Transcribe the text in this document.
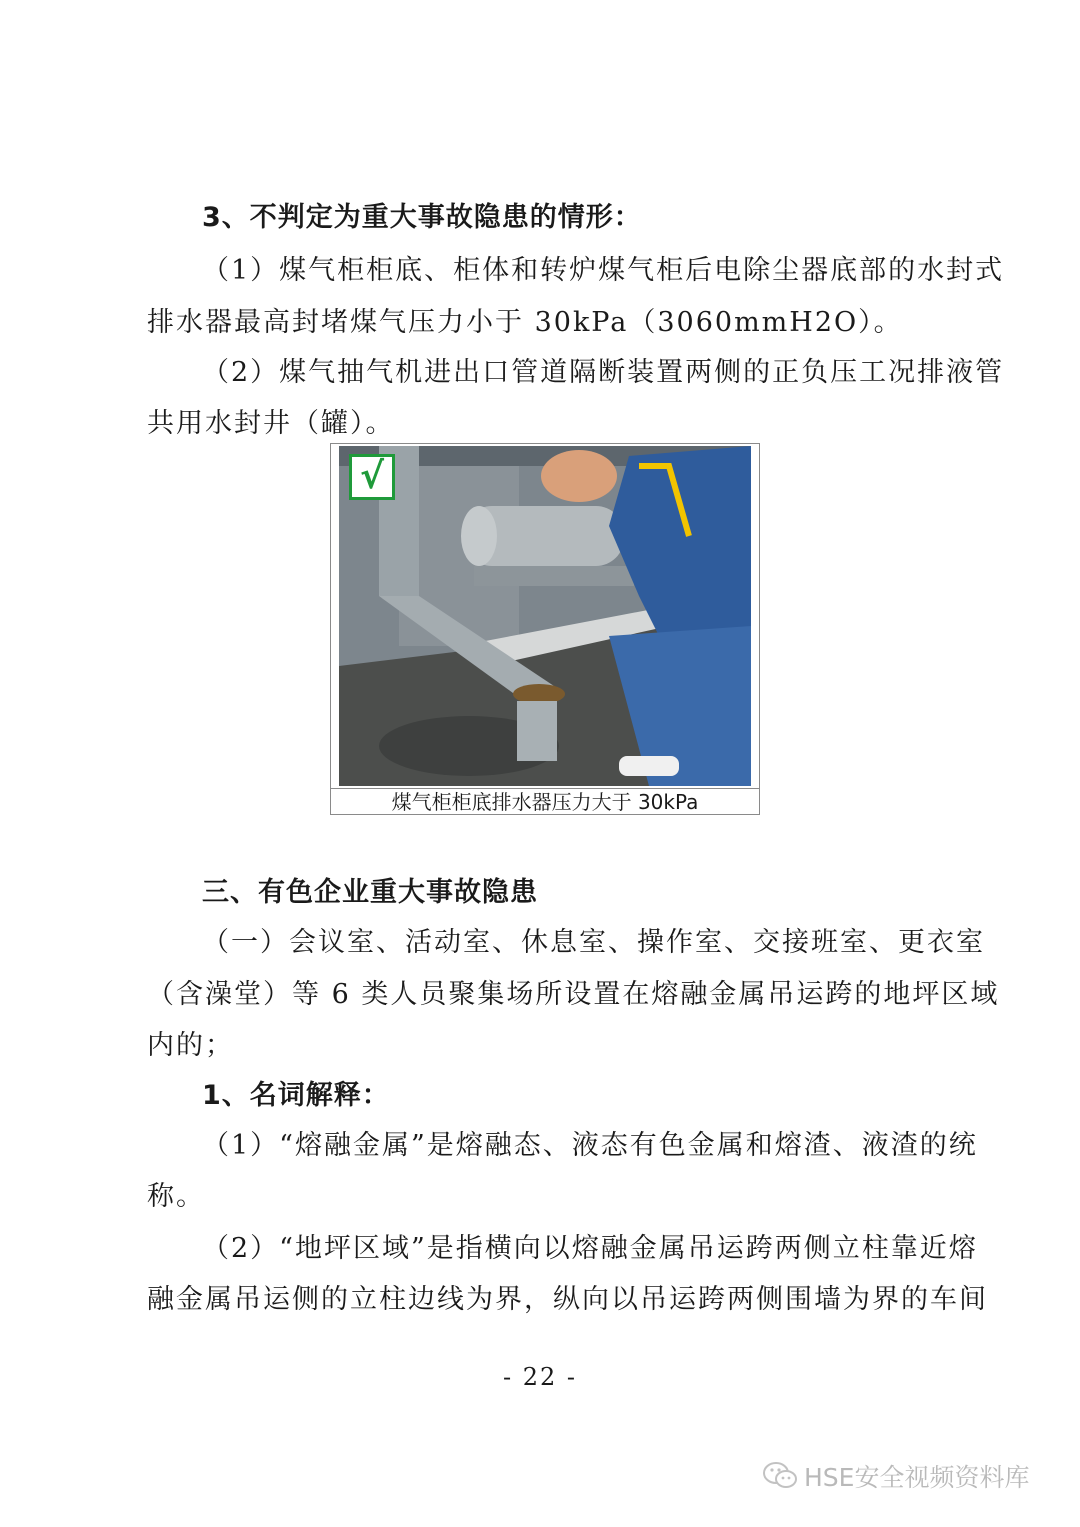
3、不判定为重大事故隐患的情形：
（1）煤气柜柜底、柜体和转炉煤气柜后电除尘器底部的水封式
排水器最高封堵煤气压力小于 30kPa（3060mmH2O）。
（2）煤气抽气机进出口管道隔断装置两侧的正负压工况排液管
共用水封井（罐）。
√
煤气柜柜底排水器压力大于 30kPa
三、有色企业重大事故隐患
（一）会议室、活动室、休息室、操作室、交接班室、更衣室
（含澡堂）等 6 类人员聚集场所设置在熔融金属吊运跨的地坪区域
内的；
1、名词解释：
（1）“熔融金属”是熔融态、液态有色金属和熔渣、液渣的统
称。
（2）“地坪区域”是指横向以熔融金属吊运跨两侧立柱靠近熔
融金属吊运侧的立柱边线为界，纵向以吊运跨两侧围墙为界的车间
- 22 -
HSE安全视频资料库
